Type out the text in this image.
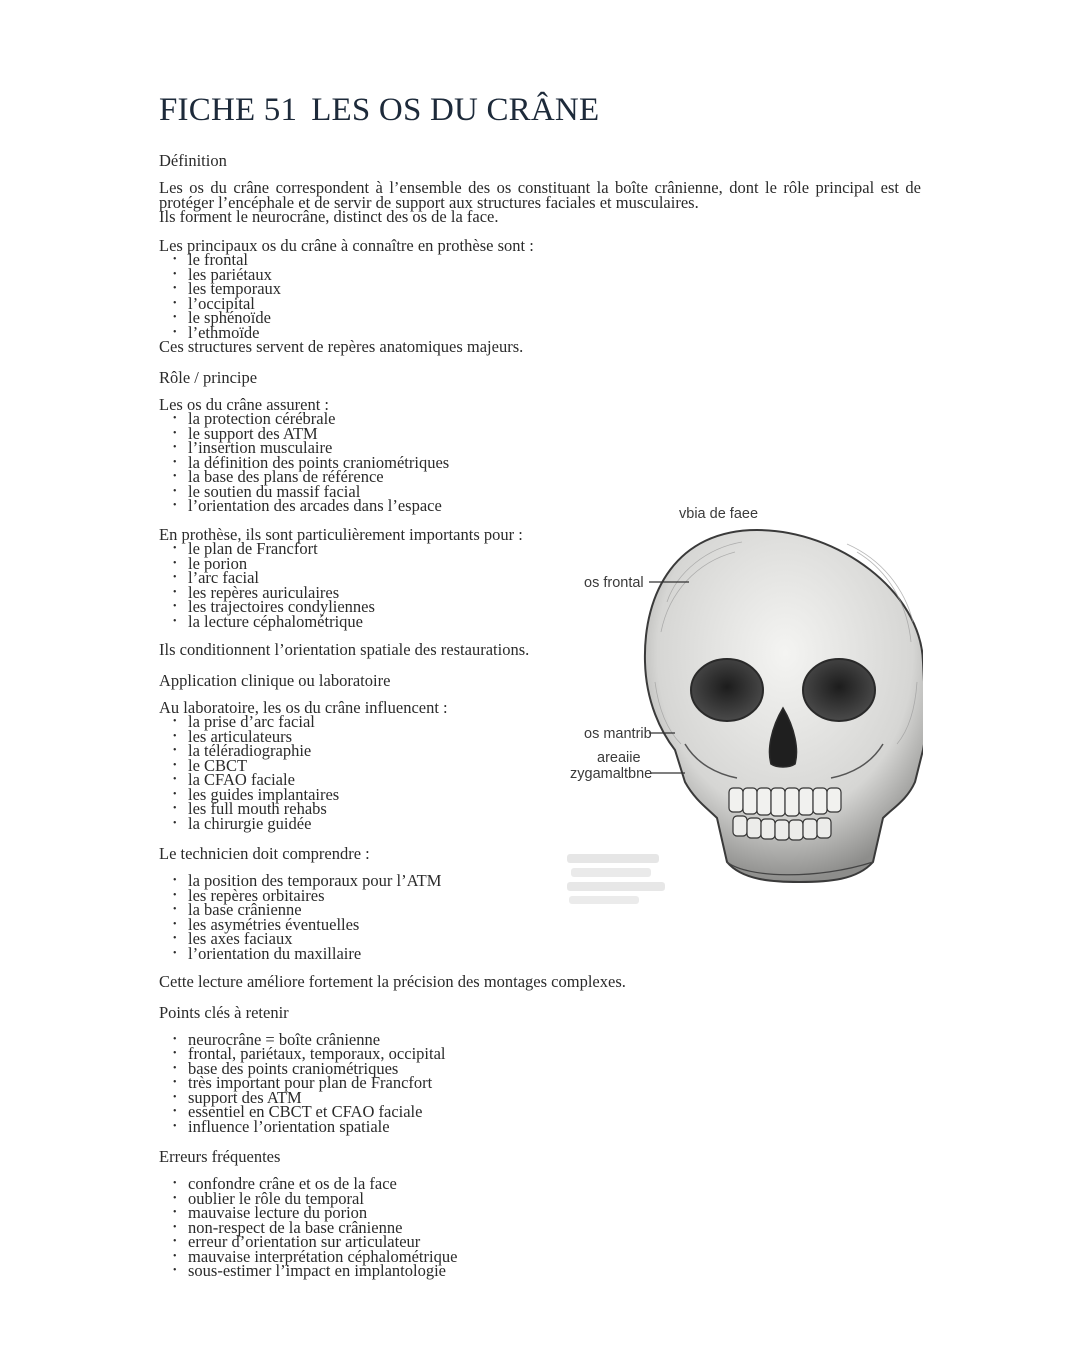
FICHE 51 LES OS DU CRÂNE
Définition

Les os du crâne correspondent à l’ensemble des os constituant la boîte crânienne, dont le rôle principal est de protéger l’encéphale et de servir de support aux structures faciales et musculaires.

Ils forment le neurocrâne, distinct des os de la face.

Les principaux os du crâne à connaître en prothèse sont :

• le frontal
• les pariétaux
• les temporaux
• l’occipital
• le sphénoïde
• l’ethmoïde

Ces structures servent de repères anatomiques majeurs.

Rôle / principe

Les os du crâne assurent :

• la protection cérébrale
• le support des ATM
• l’insertion musculaire
• la définition des points craniométriques
• la base des plans de référence
• le soutien du massif facial
• l’orientation des arcades dans l’espace

En prothèse, ils sont particulièrement importants pour :

• le plan de Francfort
• le porion
• l’arc facial
• les repères auriculaires
• les trajectoires condyliennes
• la lecture céphalométrique

Ils conditionnent l’orientation spatiale des restaurations.

Application clinique ou laboratoire

Au laboratoire, les os du crâne influencent :

• la prise d’arc facial
• les articulateurs
• la téléradiographie
• le CBCT
• la CFAO faciale
• les guides implantaires
• les full mouth rehabs
• la chirurgie guidée
Le technicien doit comprendre :
• la position des temporaux pour l’ATM
• les repères orbitaires
• la base crânienne
• les asymétries éventuelles
• les axes faciaux
• l’orientation du maxillaire

Cette lecture améliore fortement la précision des montages complexes.

Points clés à retenir
• neurocrâne = boîte crânienne
• frontal, pariétaux, temporaux, occipital
• base des points craniométriques
• très important pour plan de Francfort
• support des ATM
• essentiel en CBCT et CFAO faciale
• influence l’orientation spatiale
Erreurs fréquentes
• confondre crâne et os de la face
• oublier le rôle du temporal
• mauvaise lecture du porion
• non-respect de la base crânienne
• erreur d’orientation sur articulateur
• mauvaise interprétation céphalométrique
• sous-estimer l’impact en implantologie
vbia de faee
os frontal
os mantrib
areaiie
zygamaltbne
